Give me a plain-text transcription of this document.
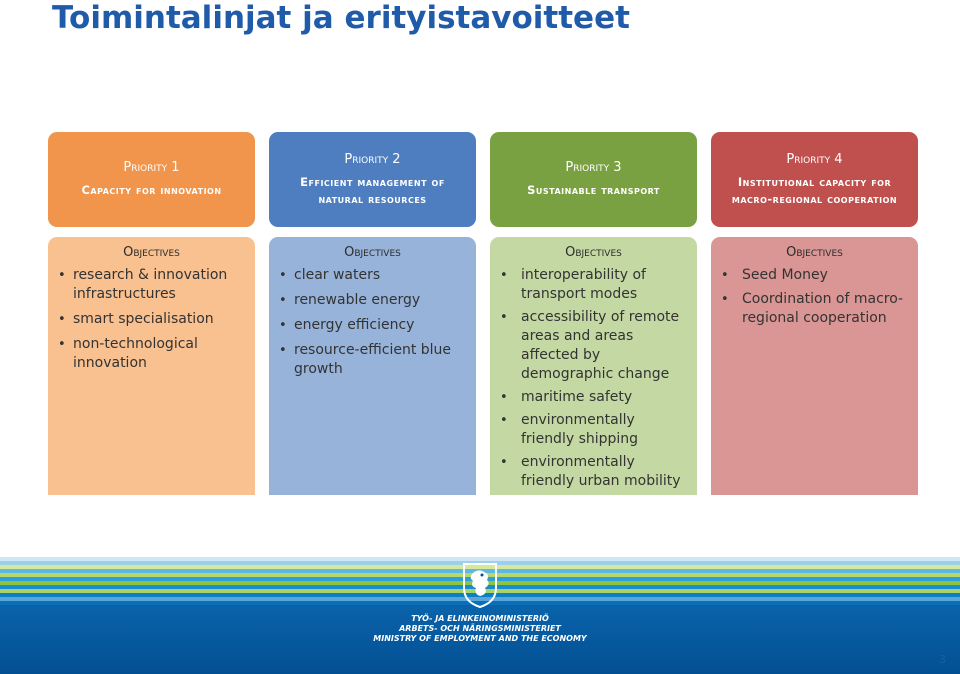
Toimintalinjat ja erityistavoitteet
Priority 1
Capacity for innovation
Priority 2
Efficient management of natural resources
Priority 3
Sustainable transport
Priority 4
Institutional capacity for macro-regional cooperation
Objectives
• research & innovation infrastructures
• smart specialisation
• non-technological innovation
Objectives
• clear waters
• renewable energy
• energy efficiency
• resource-efficient blue growth
Objectives
• interoperability of transport modes
• accessibility of remote areas and areas affected by demographic change
• maritime safety
• environmentally friendly shipping
• environmentally friendly urban mobility
Objectives
• Seed Money
• Coordination of macro-regional cooperation
TYÖ- JA ELINKEINOMINISTERIÖ
ARBETS- OCH NÄRINGSMINISTERIET
MINISTRY OF EMPLOYMENT AND THE ECONOMY
3
